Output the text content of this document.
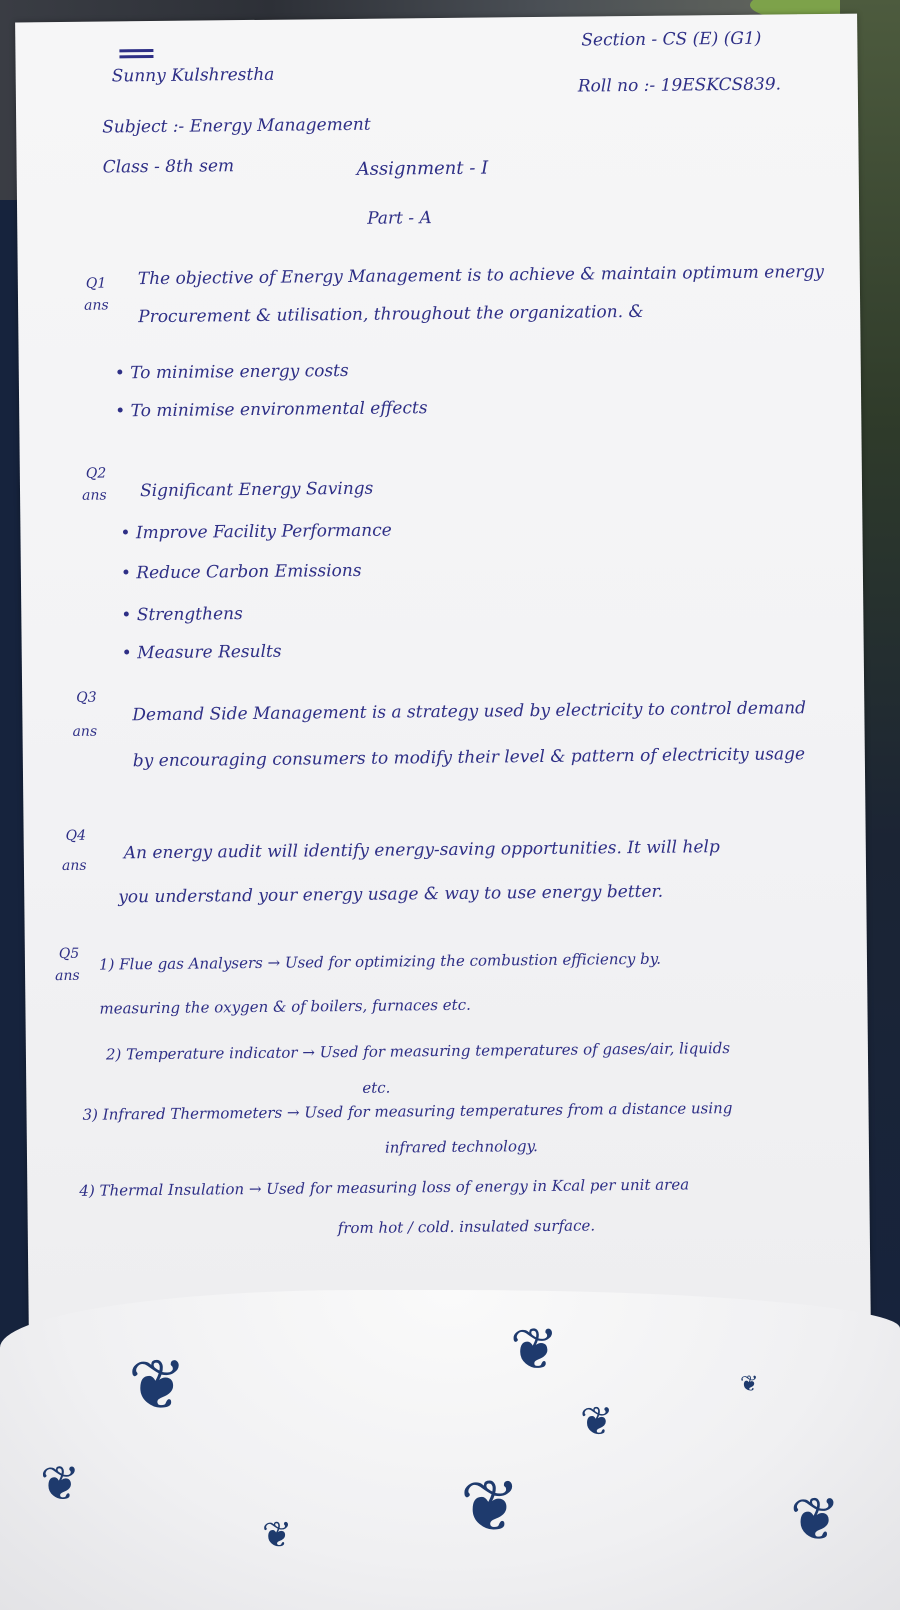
Sunny Kulshrestha
Section - CS (E) (G1)
Roll no :- 19ESKCS839.
Subject :- Energy Management
Class - 8th sem	Assignment - I
Part - A
Q1
ans
The objective of Energy Management is to achieve & maintain optimum energy
Procurement & utilisation, throughout the organization. &
• To minimise energy costs
• To minimise environmental effects
Q2
ans Significant Energy Savings
• Improve Facility Performance
• Reduce Carbon Emissions
• Strengthens
• Measure Results
Q3
ans
Demand Side Management is a strategy used by electricity to control demand
by encouraging consumers to modify their level & pattern of electricity usage
Q4
ans
An energy audit will identify energy-saving opportunities. It will help
you understand your energy usage & way to use energy better.
Q5
ans
1) Flue gas Analysers → Used for optimizing the combustion efficiency by.
measuring the oxygen & of boilers, furnaces etc.
2) Temperature indicator → Used for measuring temperatures of gases/air, liquids
etc.
3) Infrared Thermometers → Used for measuring temperatures from a distance using
infrared technology.
4) Thermal Insulation → Used for measuring loss of energy in Kcal per unit area
from hot / cold. insulated surface.
❦	❦
❦
❦	❦
❦	❦
❦
